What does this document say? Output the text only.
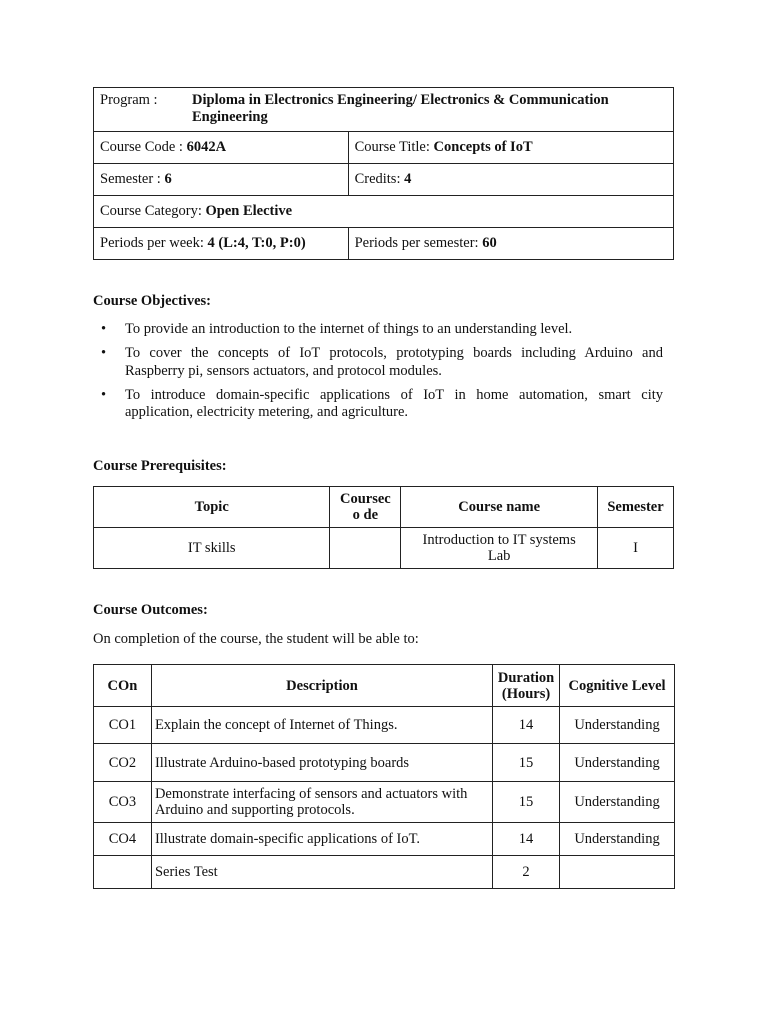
Program : Diploma in Electronics Engineering/ Electronics & Communication Engineering	

Course Code : 6042A	Course Title: Concepts of IoT
Semester : 6	Credits: 4
Course Category: Open Elective	
Periods per week: 4 (L:4, T:0, P:0)	Periods per semester: 60
Course Objectives:
• To provide an introduction to the internet of things to an understanding level.
• To cover the concepts of IoT protocols, prototyping boards including Arduino and Raspberry pi, sensors actuators, and protocol modules.
• To introduce domain-specific applications of IoT in home automation, smart city application, electricity metering, and agriculture.
Course Prerequisites:
Topic	Courseco de	Course name	Semester
IT skills		Introduction to IT systems Lab	I
Course Outcomes:
On completion of the course, the student will be able to:
COn	Description	Duration (Hours)	Cognitive Level
CO1	Explain the concept of Internet of Things.	14	Understanding
CO2	Illustrate Arduino-based prototyping boards	15	Understanding
CO3	Demonstrate interfacing of sensors and actuators with Arduino and supporting protocols.	15	Understanding
CO4	Illustrate domain-specific applications of IoT.	14	Understanding
	Series Test	2	
